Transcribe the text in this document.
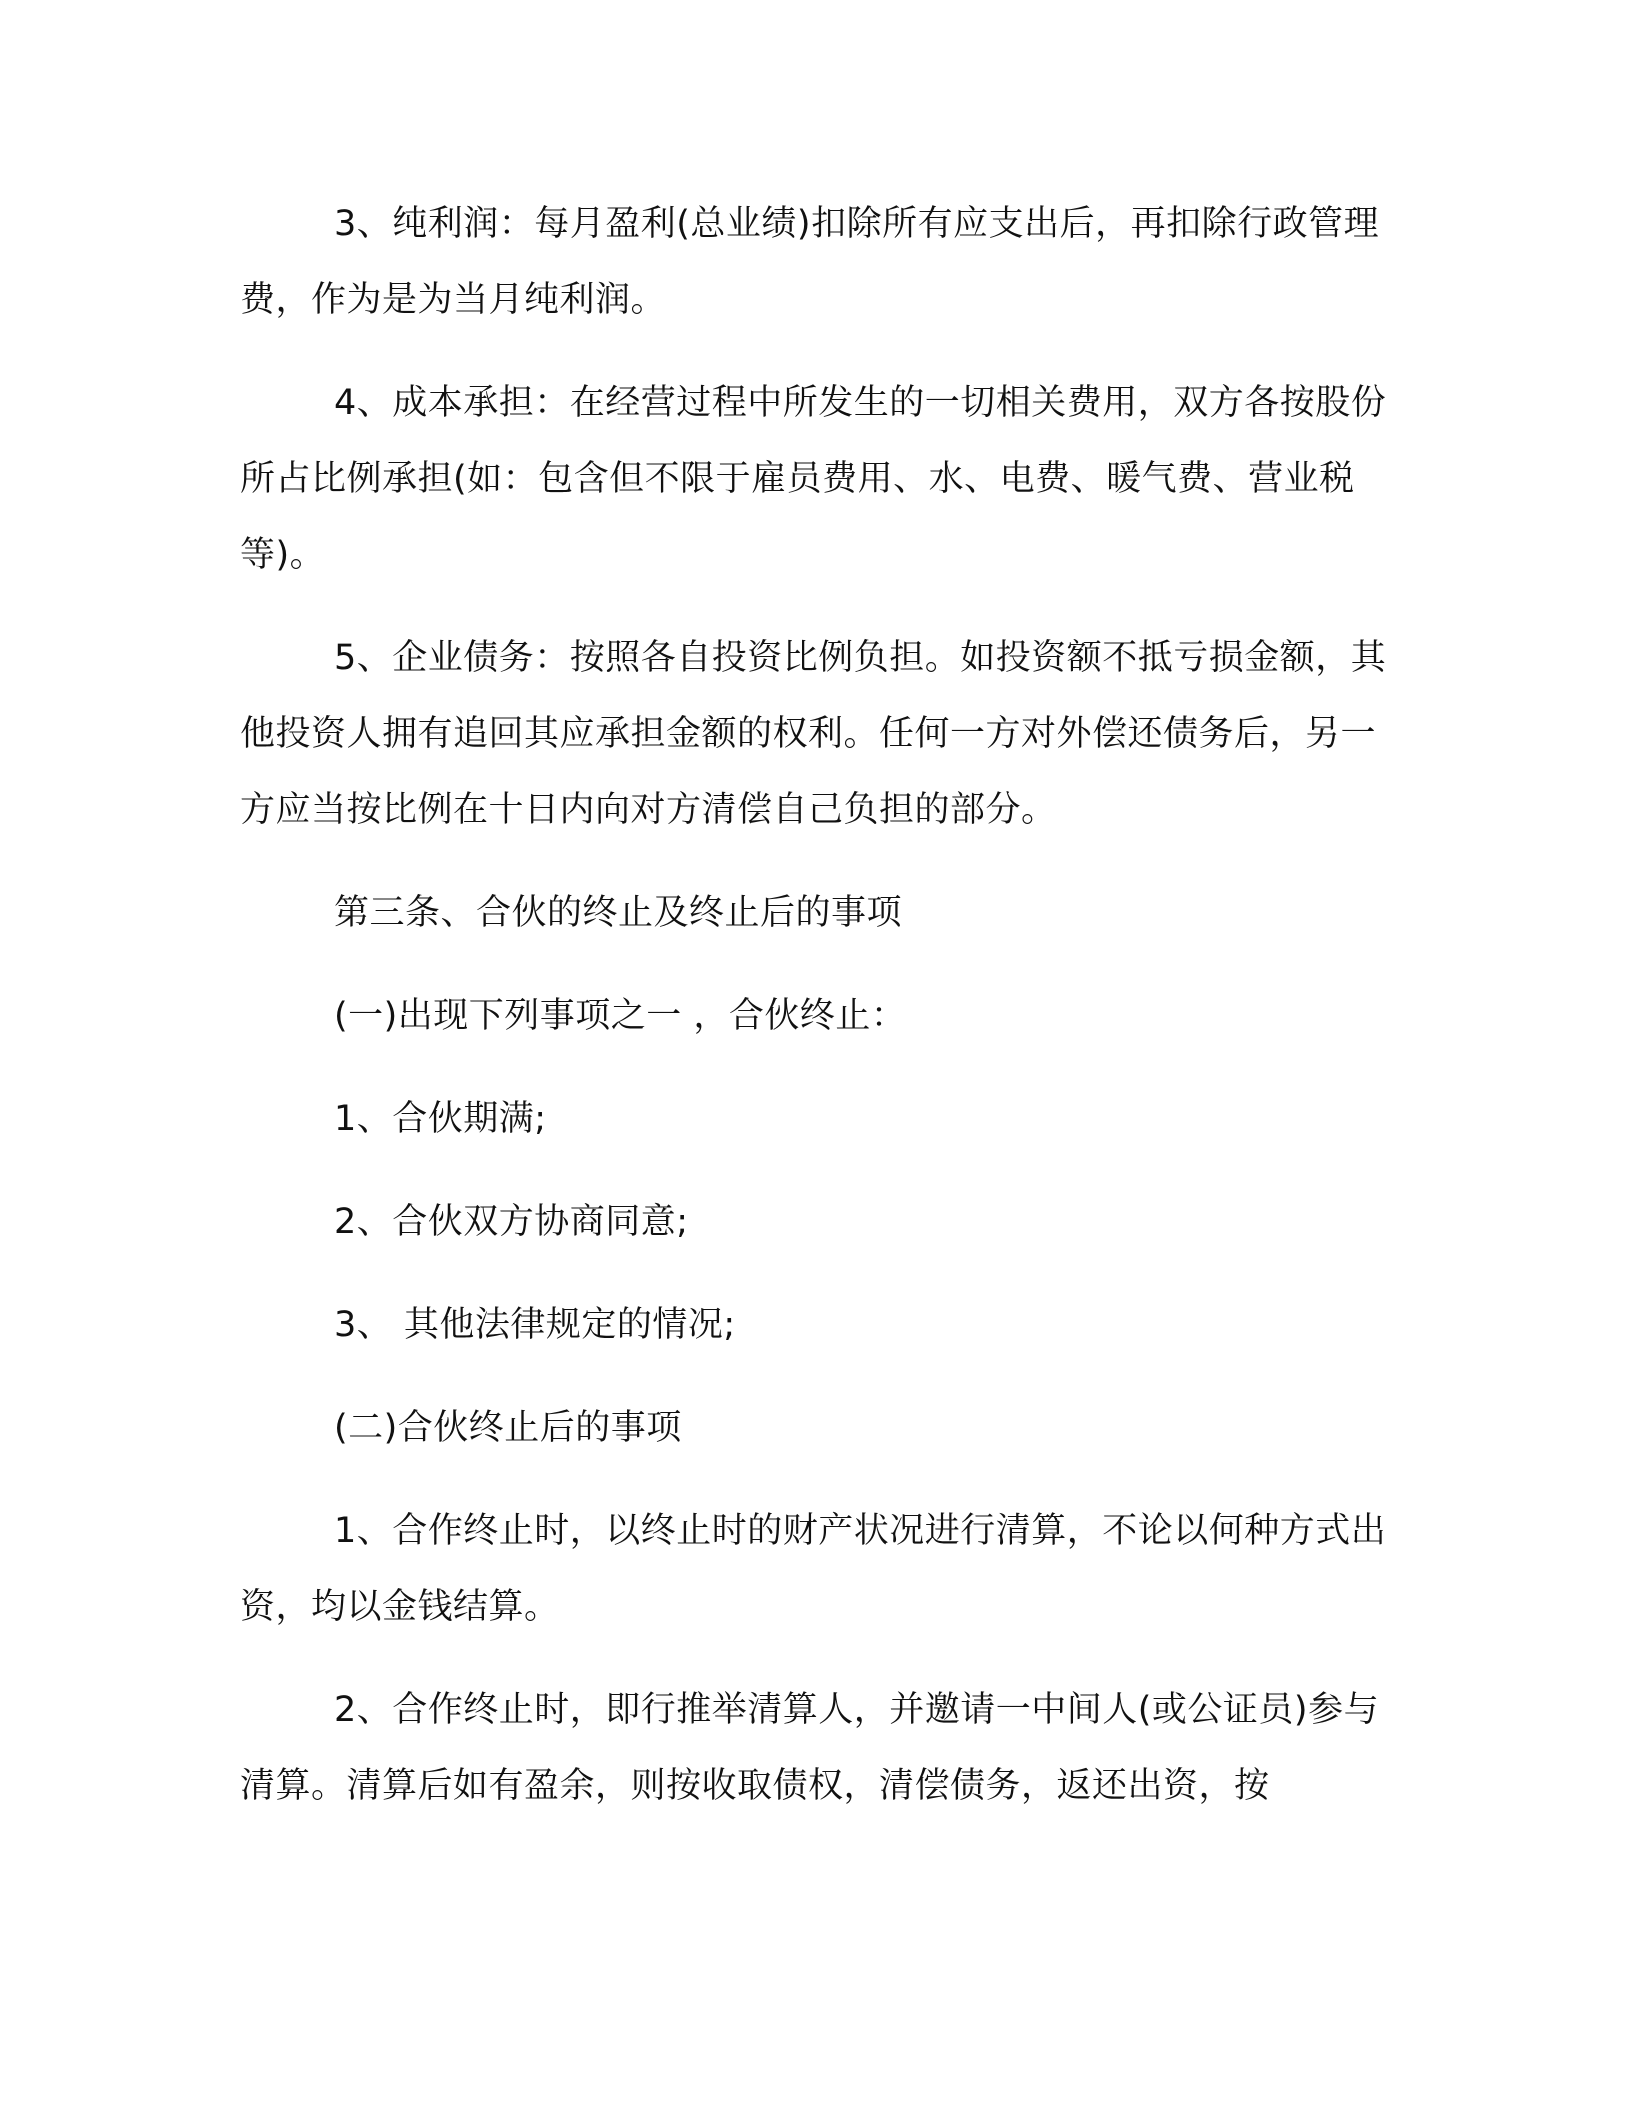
3、纯利润：每月盈利(总业绩)扣除所有应支出后，再扣除行政管理费，作为是为当月纯利润。

4、成本承担：在经营过程中所发生的一切相关费用，双方各按股份所占比例承担(如：包含但不限于雇员费用、水、电费、暖气费、营业税等)。

5、企业债务：按照各自投资比例负担。如投资额不抵亏损金额，其他投资人拥有追回其应承担金额的权利。任何一方对外偿还债务后，另一方应当按比例在十日内向对方清偿自己负担的部分。

第三条、合伙的终止及终止后的事项

(一)出现下列事项之一 ，合伙终止：

1、合伙期满;

2、合伙双方协商同意;

3、 其他法律规定的情况;

(二)合伙终止后的事项

1、合作终止时，以终止时的财产状况进行清算，不论以何种方式出资，均以金钱结算。

2、合作终止时，即行推举清算人，并邀请一中间人(或公证员)参与清算。清算后如有盈余，则按收取债权，清偿债务，返还出资，按
